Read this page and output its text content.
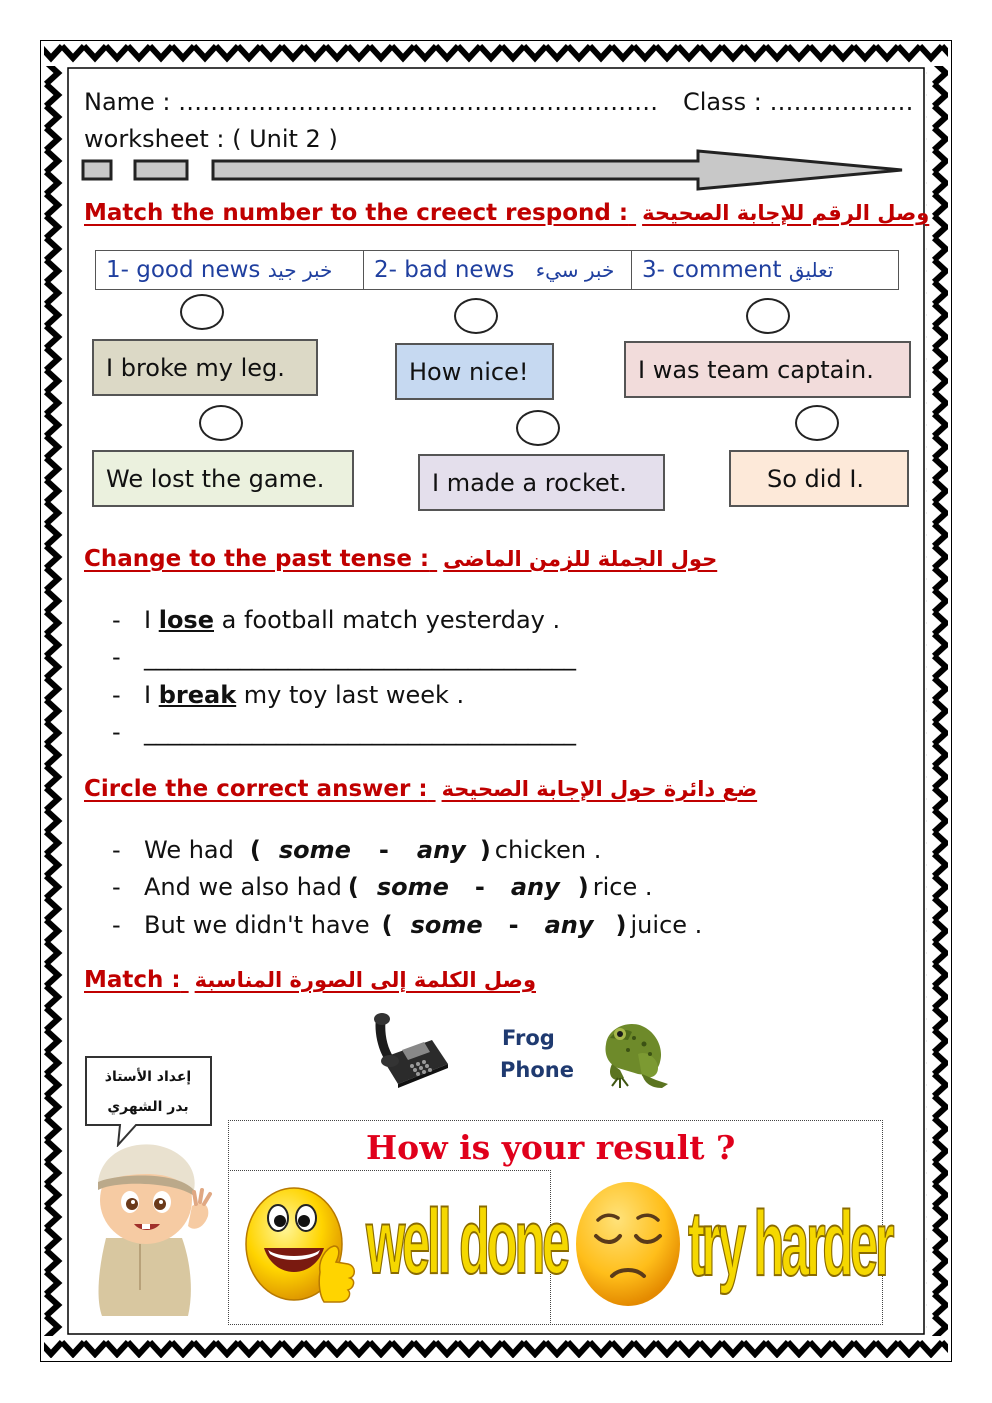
Name : …………………………………………………… Class : ………………
worksheet : ( Unit 2 )
Match the number to the creect respond : وصل الرقم للإجابة الصحيحة
1- good news خبر جيد	2- bad news خبر سيء	3- comment تعليق
I broke my leg.	How nice!	I was team captain.
We lost the game.	I made a rocket.	So did I.
Change to the past tense : حول الجملة للزمن الماضى
- I lose a football match yesterday .
- ____________________________________
- I break my toy last week .
- ____________________________________
Circle the correct answer : ضع دائرة حول الإجابة الصحيحة
- We had ( some - any ) chicken .
- And we also had ( some - any ) rice .
- But we didn't have ( some - any ) juice .
Match : وصل الكلمة إلى الصورة المناسبة
Frog
Phone
إعداد الأستاذ
بدر الشهري
How is your result ?
well done try harder
